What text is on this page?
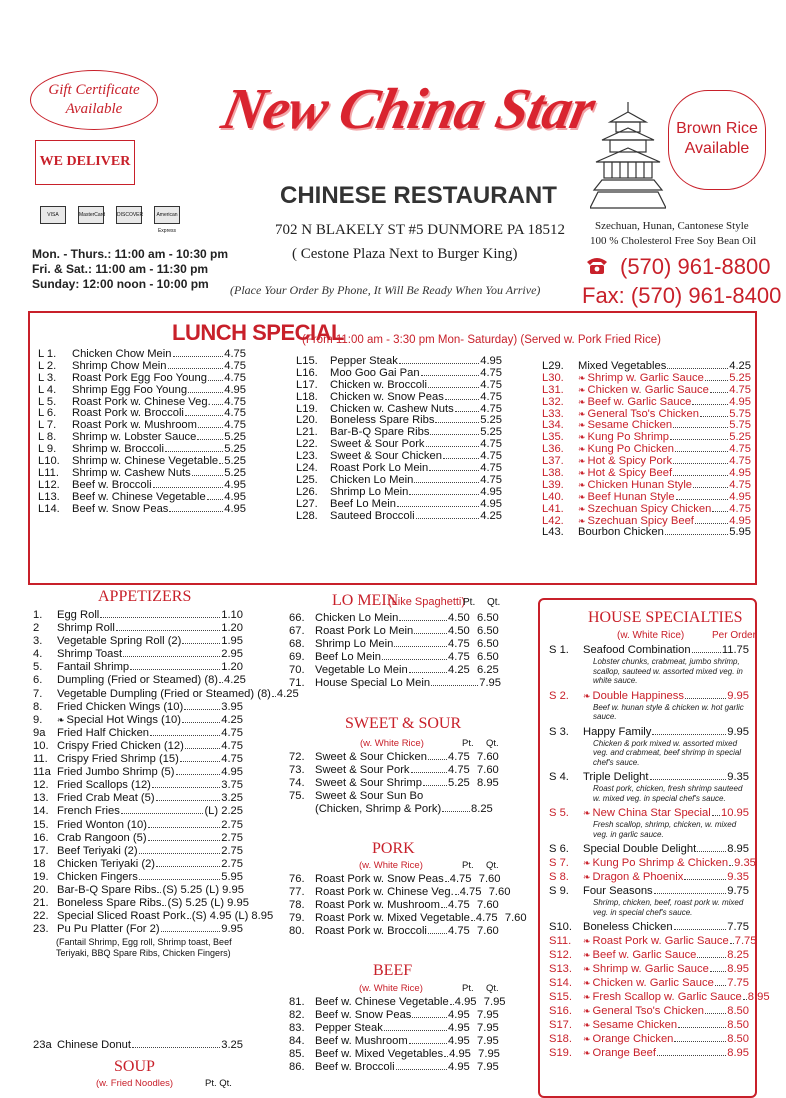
Gift Certificate Available
WE DELIVER
VISA	MasterCard DISCOVER	American Express
Mon. - Thurs.: 11:00 am - 10:30 pm
Fri. & Sat.: 11:00 am - 11:30 pm
Sunday: 12:00 noon - 10:00 pm
New China Star
CHINESE RESTAURANT
702 N BLAKELY ST #5 DUNMORE PA 18512
( Cestone Plaza Next to Burger King)
(Place Your Order By Phone, It Will Be Ready When You Arrive)
Brown Rice Available
Szechuan, Hunan, Cantonese Style
100 % Cholesterol Free Soy Bean Oil
(570) 961-8800
Fax: (570) 961-8400
LUNCH SPECIAL
(From 11:00 am - 3:30 pm Mon- Saturday) (Served w. Pork Fried Rice)
L 1.	Chicken Chow Mein	4.75
L 2.	Shrimp Chow Mein	4.75
L 3.	Roast Pork Egg Foo Young 4.75
L 4.	Shrimp Egg Foo Young	4.95
L 5.	Roast Pork w. Chinese Veg. 4.75
L 6.	Roast Pork w. Broccoli	4.75
L 7.	Roast Pork w. Mushroom 4.75
L 8.	Shrimp w. Lobster Sauce 5.25
L 9.	Shrimp w. Broccoli	5.25
L10.	Shrimp w. Chinese Vegetable 5.25
L11.	Shrimp w. Cashew Nuts	5.25
L12.	Beef w. Broccoli	4.95
L13.	Beef w. Chinese Vegetable 4.95
L14.	Beef w. Snow Peas	4.95
L15.	Pepper Steak	4.95
L16.	Moo Goo Gai Pan	4.75
L17.	Chicken w. Broccoli	4.75
L18.	Chicken w. Snow Peas	4.75
L19.	Chicken w. Cashew Nuts 4.75
L20.	Boneless Spare Ribs	5.25
L21.	Bar-B-Q Spare Ribs	5.25
L22.	Sweet & Sour Pork	4.75
L23.	Sweet & Sour Chicken	4.75
L24.	Roast Pork Lo Mein	4.75
L25.	Chicken Lo Mein	4.75
L26.	Shrimp Lo Mein	4.95
L27.	Beef Lo Mein	4.95
L28.	Sauteed Broccoli	4.25
L29.	Mixed Vegetables	4.25
L30.	❧ Shrimp w. Garlic Sauce 5.25
L31.	❧ Chicken w. Garlic Sauce 4.75
L32.	❧ Beef w. Garlic Sauce	4.95
L33.	❧ General Tso's Chicken	5.75
L34.	❧ Sesame Chicken	5.75
L35.	❧ Kung Po Shrimp	5.25
L36.	❧ Kung Po Chicken	4.75
L37.	❧ Hot & Spicy Pork	4.75
L38.	❧ Hot & Spicy Beef	4.95
L39.	❧ Chicken Hunan Style	4.75
L40.	❧ Beef Hunan Style	4.95
L41.	❧ Szechuan Spicy Chicken 4.75
L42.	❧ Szechuan Spicy Beef	4.95
L43.	Bourbon Chicken	5.95
APPETIZERS
1.	Egg Roll	1.10
2	Shrimp Roll	1.20
3.	Vegetable Spring Roll (2)	1.95
4.	Shrimp Toast	2.95
5.	Fantail Shrimp	1.20
6.	Dumpling (Fried or Steamed) (8) 4.25
7.	Vegetable Dumpling (Fried or Steamed) (8) 4.25
8.	Fried Chicken Wings (10)	3.95
9.	❧ Special Hot Wings (10)	4.25
9a	Fried Half Chicken	4.75
10. Crispy Fried Chicken (12)	4.75
11. Crispy Fried Shrimp (15)	4.75
11a Fried Jumbo Shrimp (5)	4.95
12. Fried Scallops (12)	3.75
13. Fried Crab Meat (5)	3.25
14. French Fries	(L) 2.25
15. Fried Wonton (10)	2.75
16. Crab Rangoon (5)	2.75
17. Beef Teriyaki (2)	2.75
18	Chicken Teriyaki (2)	2.75
19. Chicken Fingers	5.95
20. Bar-B-Q Spare Ribs (S) 5.25 (L) 9.95
21. Boneless Spare Ribs (S) 5.25 (L) 9.95
22. Special Sliced Roast Pork (S) 4.95 (L) 8.95
23. Pu Pu Platter (For 2)	9.95
(Fantail Shrimp, Egg roll, Shrimp toast, Beef Teriyaki, BBQ Spare Ribs, Chicken Fingers)
23a Chinese Donut	3.25
SOUP
(w. Fried Noodles)	Pt. Qt.
LO MEIN
(Like Spaghetti)
Pt. Qt.
66. Chicken Lo Mein	4.50 6.50
67. Roast Pork Lo Mein	4.50 6.50
68. Shrimp Lo Mein	4.75 6.50
69. Beef Lo Mein	4.75 6.50
70. Vegetable Lo Mein	4.25 6.25
71. House Special Lo Mein	7.95
SWEET & SOUR
(w. White Rice)	Pt. Qt.
72. Sweet & Sour Chicken 4.75 7.60
73. Sweet & Sour Pork	4.75 7.60
74. Sweet & Sour Shrimp 5.25 8.95
75. Sweet & Sour Sun Bo
(Chicken, Shrimp & Pork)	8.25
PORK
(w. White Rice)	Pt. Qt.
76. Roast Pork w. Snow Peas 4.75 7.60
77. Roast Pork w. Chinese Veg. 4.75 7.60
78. Roast Pork w. Mushroom 4.75 7.60
79. Roast Pork w. Mixed Vegetable 4.75 7.60
80. Roast Pork w. Broccoli 4.75 7.60
BEEF
(w. White Rice)	Pt. Qt.
81. Beef w. Chinese Vegetable 4.95 7.95
82. Beef w. Snow Peas	4.95 7.95
83. Pepper Steak	4.95 7.95
84. Beef w. Mushroom	4.95 7.95
85. Beef w. Mixed Vegetables 4.95 7.95
86. Beef w. Broccoli	4.95 7.95
HOUSE SPECIALTIES
(w. White Rice)	Per Order
S 1.	Seafood Combination	11.75
Lobster chunks, crabmeat, jumbo shrimp, scallop, sauteed w. assorted mixed veg. in white sauce.
S 2.	❧ Double Happiness	9.95
Beef w. hunan style & chicken w. hot garlic sauce.
S 3.	Happy Family	9.95
Chicken & pork mixed w. assorted mixed veg. and crabmeat, beef shrimp in special chef's sauce.
S 4.	Triple Delight	9.35
Roast pork, chicken, fresh shrimp sauteed w. mixed veg. in special chef's sauce.
S 5.	❧ New China Star Special 10.95
Fresh scallop, shrimp, chicken, w. mixed veg. in garlic sauce.
S 6.	Special Double Delight	8.95
S 7.	❧ Kung Po Shrimp & Chicken 9.35
S 8.	❧ Dragon & Phoenix	9.35
S 9.	Four Seasons	9.75
Shrimp, chicken, beef, roast pork w. mixed veg. in special chef's sauce.
S10. Boneless Chicken	7.75
S11.	❧ Roast Pork w. Garlic Sauce 7.75
S12.	❧ Beef w. Garlic Sauce	8.25
S13.	❧ Shrimp w. Garlic Sauce 8.95
S14.	❧ Chicken w. Garlic Sauce 7.75
S15.	❧ Fresh Scallop w. Garlic Sauce 8.95
S16.	❧ General Tso's Chicken 8.50
S17.	❧ Sesame Chicken	8.50
S18.	❧ Orange Chicken	8.50
S19.	❧ Orange Beef	8.95
